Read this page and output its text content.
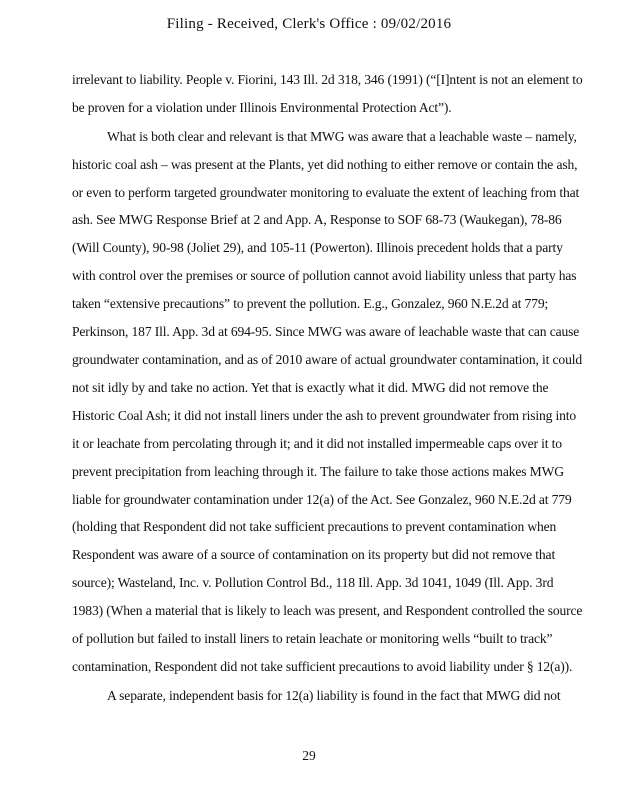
Filing - Received, Clerk's Office : 09/02/2016
irrelevant to liability. People v. Fiorini, 143 Ill. 2d 318, 346 (1991) (“[I]ntent is not an element to
be proven for a violation under Illinois Environmental Protection Act”).
What is both clear and relevant is that MWG was aware that a leachable waste – namely,
historic coal ash – was present at the Plants, yet did nothing to either remove or contain the ash,
or even to perform targeted groundwater monitoring to evaluate the extent of leaching from that
ash. See MWG Response Brief at 2 and App. A, Response to SOF 68-73 (Waukegan), 78-86
(Will County), 90-98 (Joliet 29), and 105-11 (Powerton). Illinois precedent holds that a party
with control over the premises or source of pollution cannot avoid liability unless that party has
taken “extensive precautions” to prevent the pollution. E.g., Gonzalez, 960 N.E.2d at 779;
Perkinson, 187 Ill. App. 3d at 694-95. Since MWG was aware of leachable waste that can cause
groundwater contamination, and as of 2010 aware of actual groundwater contamination, it could
not sit idly by and take no action. Yet that is exactly what it did. MWG did not remove the
Historic Coal Ash; it did not install liners under the ash to prevent groundwater from rising into
it or leachate from percolating through it; and it did not installed impermeable caps over it to
prevent precipitation from leaching through it. The failure to take those actions makes MWG
liable for groundwater contamination under 12(a) of the Act. See Gonzalez, 960 N.E.2d at 779
(holding that Respondent did not take sufficient precautions to prevent contamination when
Respondent was aware of a source of contamination on its property but did not remove that
source); Wasteland, Inc. v. Pollution Control Bd., 118 Ill. App. 3d 1041, 1049 (Ill. App. 3rd
1983) (When a material that is likely to leach was present, and Respondent controlled the source
of pollution but failed to install liners to retain leachate or monitoring wells “built to track”
contamination, Respondent did not take sufficient precautions to avoid liability under § 12(a)).
A separate, independent basis for 12(a) liability is found in the fact that MWG did not
29
